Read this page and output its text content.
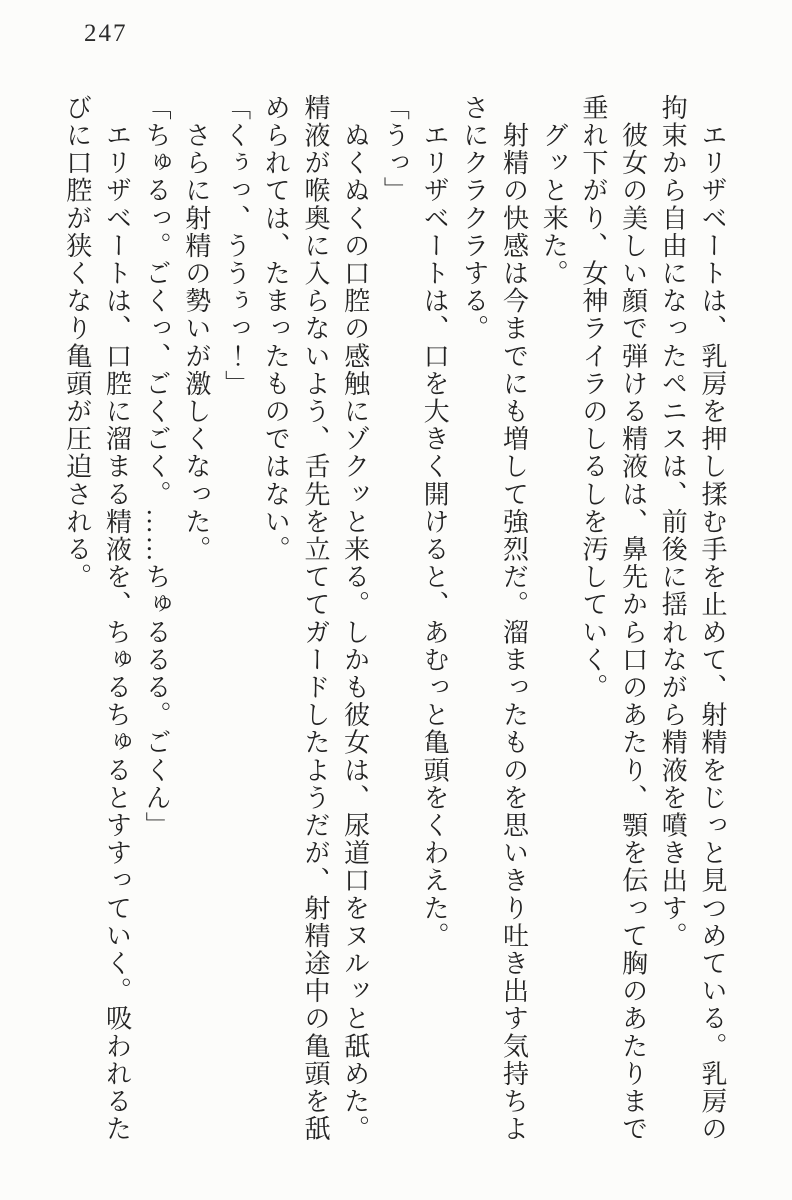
247

　エリザベートは、乳房を押し揉む手を止めて、射精をじっと見つめている。乳房の拘束から自由になったペニスは、前後に揺れながら精液を噴き出す。

　彼女の美しい顔で弾ける精液は、鼻先から口のあたり、顎を伝って胸のあたりまで垂れ下がり、女神ライラのしるしを汚していく。

　グッと来た。

　射精の快感は今までにも増して強烈だ。溜まったものを思いきり吐き出す気持ちよさにクラクラする。

　エリザベートは、口を大きく開けると、あむっと亀頭をくわえた。

「うっ」

　ぬくぬくの口腔の感触にゾクッと来る。しかも彼女は、尿道口をヌルッと舐めた。精液が喉奥に入らないよう、舌先を立ててガードしたようだが、射精途中の亀頭を舐められては、たまったものではない。

「くぅっ、ううぅっ！」

　さらに射精の勢いが激しくなった。

「ちゅるっ。ごくっ、ごくごく。……ちゅるるる。ごくん」

　エリザベートは、口腔に溜まる精液を、ちゅるちゅるとすすっていく。吸われるたびに口腔が狭くなり亀頭が圧迫される。
